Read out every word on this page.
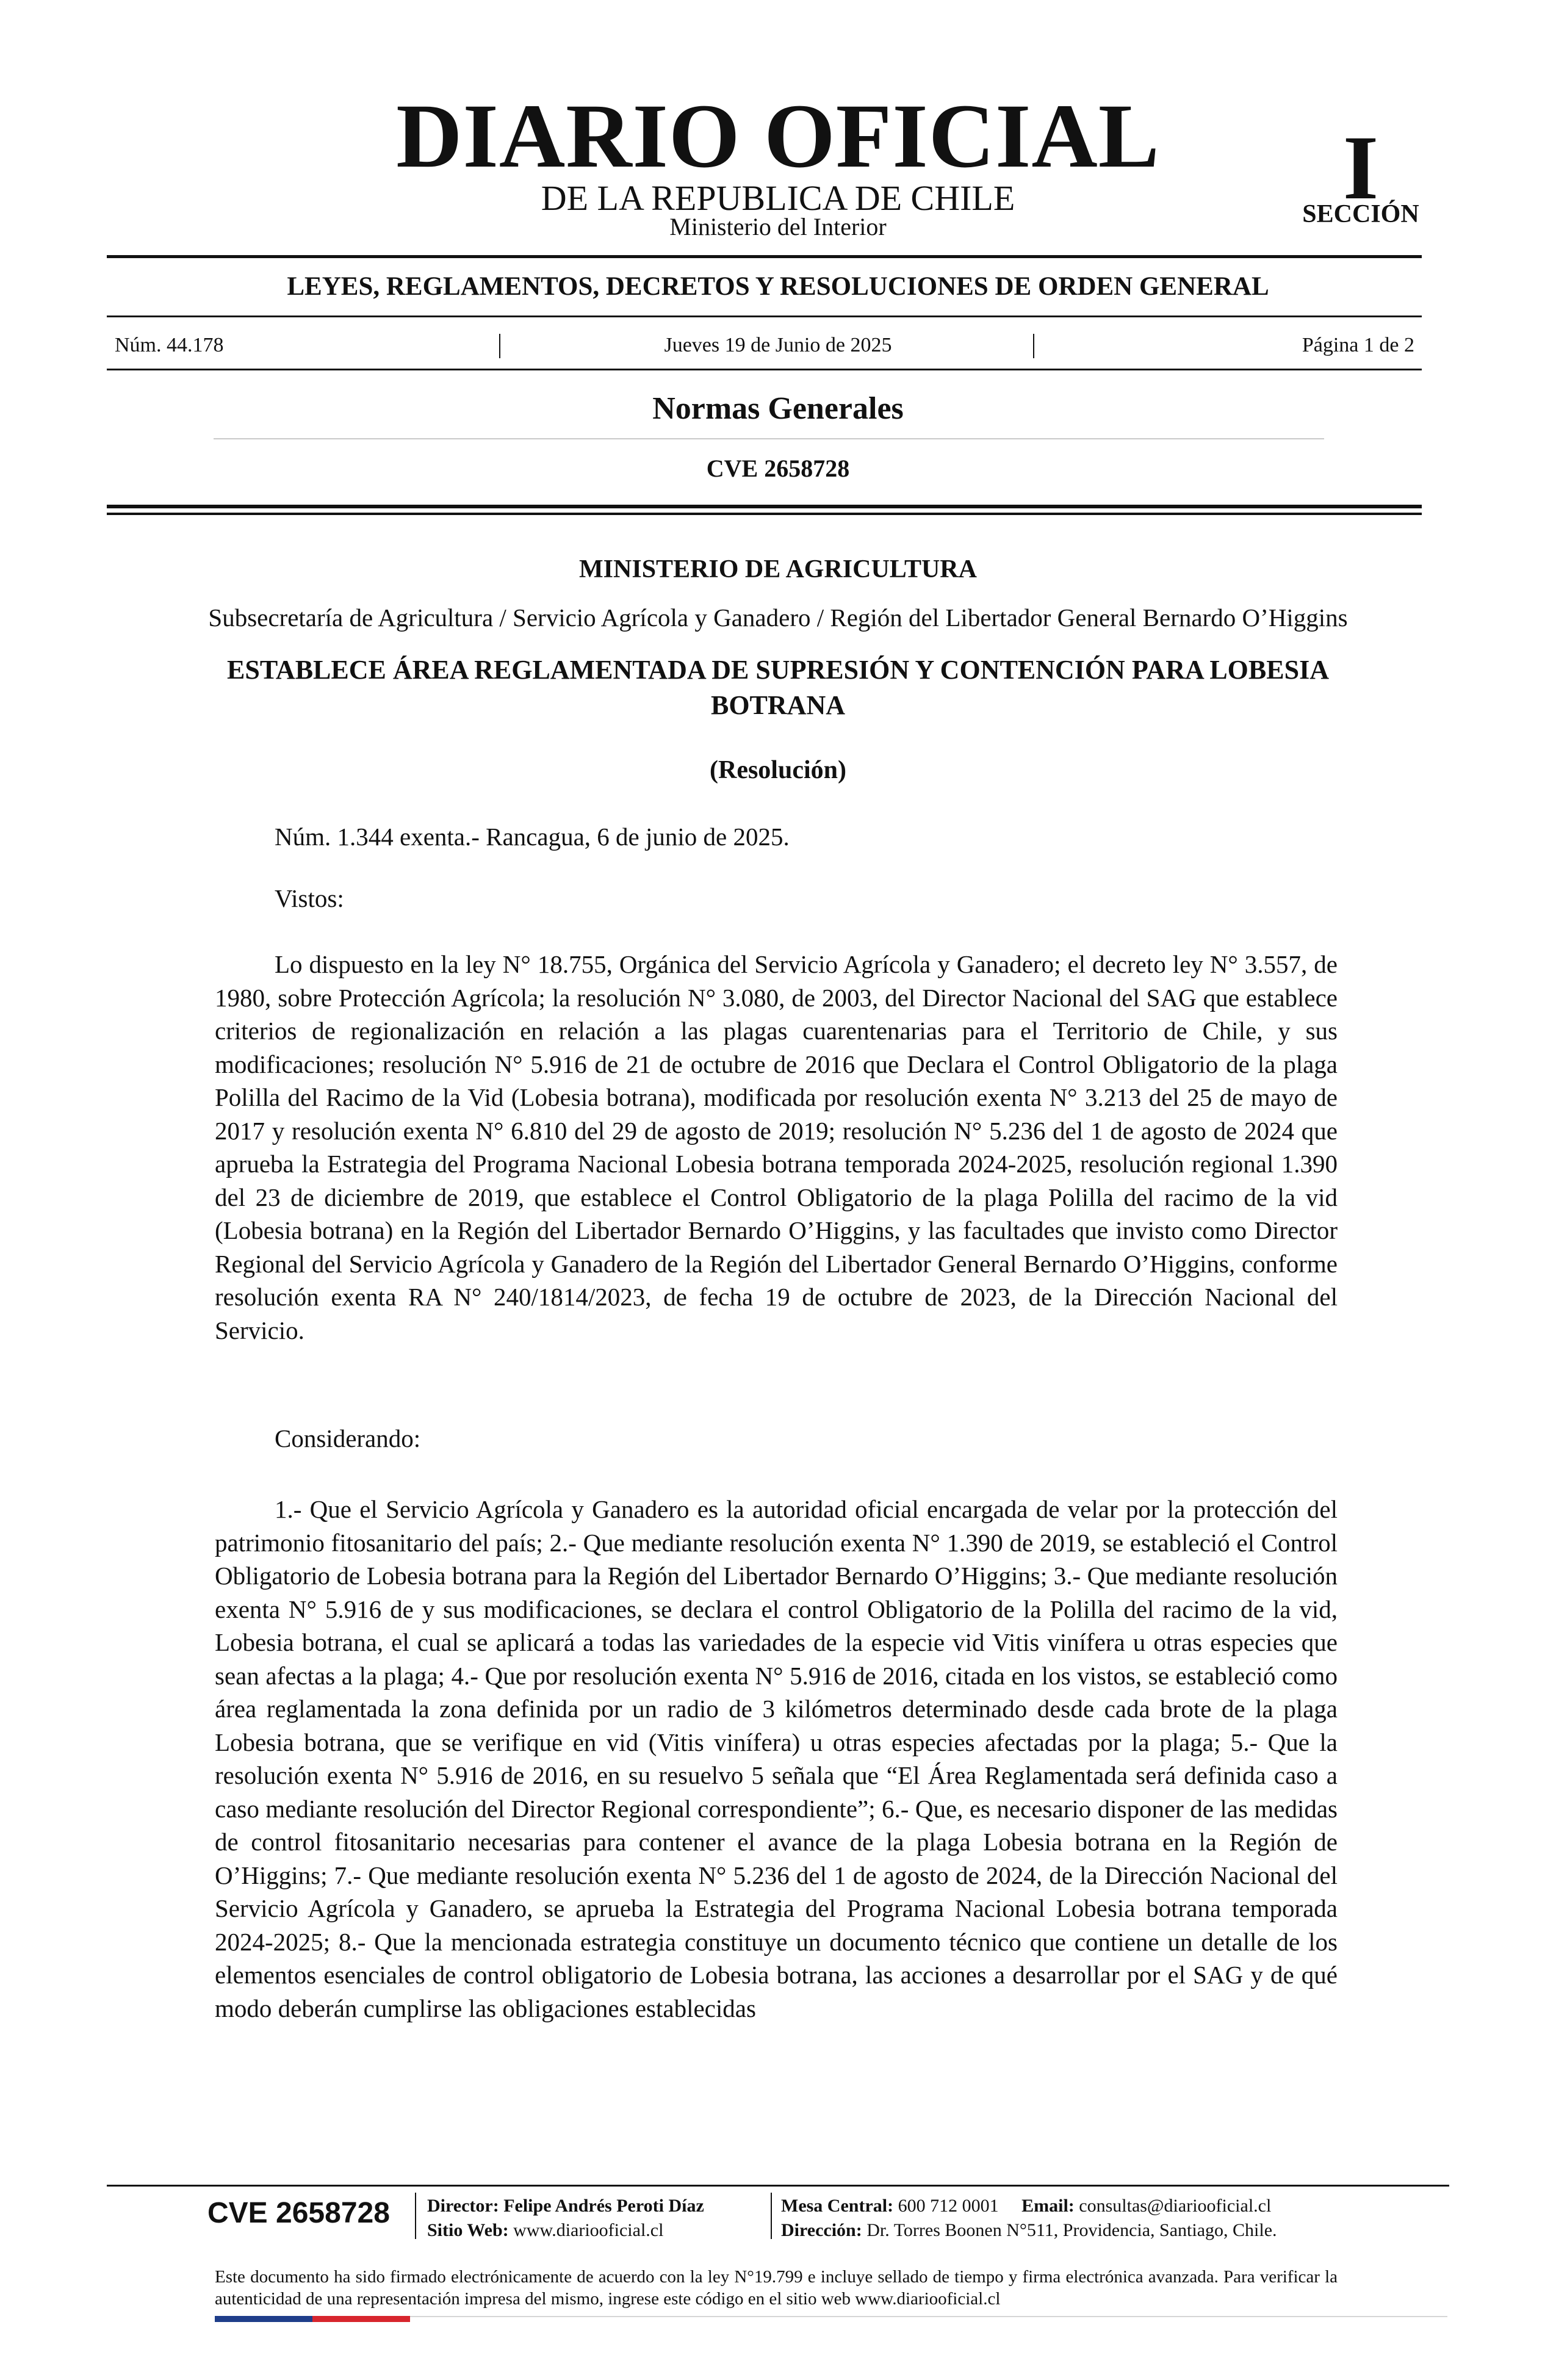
DIARIO OFICIAL
DE LA REPUBLICA DE CHILE
Ministerio del Interior
I
SECCIÓN
LEYES, REGLAMENTOS, DECRETOS Y RESOLUCIONES DE ORDEN GENERAL
Núm. 44.178	Jueves 19 de Junio de 2025	Página 1 de 2
Normas Generales
CVE 2658728
MINISTERIO DE AGRICULTURA
Subsecretaría de Agricultura / Servicio Agrícola y Ganadero / Región del Libertador General Bernardo O’Higgins
ESTABLECE ÁREA REGLAMENTADA DE SUPRESIÓN Y CONTENCIÓN PARA LOBESIA BOTRANA
(Resolución)
Núm. 1.344 exenta.- Rancagua, 6 de junio de 2025.
Vistos:
Lo dispuesto en la ley N° 18.755, Orgánica del Servicio Agrícola y Ganadero; el decreto ley N° 3.557, de 1980, sobre Protección Agrícola; la resolución N° 3.080, de 2003, del Director Nacional del SAG que establece criterios de regionalización en relación a las plagas cuarentenarias para el Territorio de Chile, y sus modificaciones; resolución N° 5.916 de 21 de octubre de 2016 que Declara el Control Obligatorio de la plaga Polilla del Racimo de la Vid (Lobesia botrana), modificada por resolución exenta N° 3.213 del 25 de mayo de 2017 y resolución exenta N° 6.810 del 29 de agosto de 2019; resolución N° 5.236 del 1 de agosto de 2024 que aprueba la Estrategia del Programa Nacional Lobesia botrana temporada 2024-2025, resolución regional 1.390 del 23 de diciembre de 2019, que establece el Control Obligatorio de la plaga Polilla del racimo de la vid (Lobesia botrana) en la Región del Libertador Bernardo O’Higgins, y las facultades que invisto como Director Regional del Servicio Agrícola y Ganadero de la Región del Libertador General Bernardo O’Higgins, conforme resolución exenta RA N° 240/1814/2023, de fecha 19 de octubre de 2023, de la Dirección Nacional del Servicio.
Considerando:
1.- Que el Servicio Agrícola y Ganadero es la autoridad oficial encargada de velar por la protección del patrimonio fitosanitario del país; 2.- Que mediante resolución exenta N° 1.390 de 2019, se estableció el Control Obligatorio de Lobesia botrana para la Región del Libertador Bernardo O’Higgins; 3.- Que mediante resolución exenta N° 5.916 de y sus modificaciones, se declara el control Obligatorio de la Polilla del racimo de la vid, Lobesia botrana, el cual se aplicará a todas las variedades de la especie vid Vitis vinífera u otras especies que sean afectas a la plaga; 4.- Que por resolución exenta N° 5.916 de 2016, citada en los vistos, se estableció como área reglamentada la zona definida por un radio de 3 kilómetros determinado desde cada brote de la plaga Lobesia botrana, que se verifique en vid (Vitis vinífera) u otras especies afectadas por la plaga; 5.- Que la resolución exenta N° 5.916 de 2016, en su resuelvo 5 señala que “El Área Reglamentada será definida caso a caso mediante resolución del Director Regional correspondiente”; 6.- Que, es necesario disponer de las medidas de control fitosanitario necesarias para contener el avance de la plaga Lobesia botrana en la Región de O’Higgins; 7.- Que mediante resolución exenta N° 5.236 del 1 de agosto de 2024, de la Dirección Nacional del Servicio Agrícola y Ganadero, se aprueba la Estrategia del Programa Nacional Lobesia botrana temporada 2024-2025; 8.- Que la mencionada estrategia constituye un documento técnico que contiene un detalle de los elementos esenciales de control obligatorio de Lobesia botrana, las acciones a desarrollar por el SAG y de qué modo deberán cumplirse las obligaciones establecidas
CVE 2658728 Director: Felipe Andrés Peroti Díaz
Sitio Web: www.diariooficial.cl
Mesa Central: 600 712 0001 Email: consultas@diariooficial.cl
Dirección: Dr. Torres Boonen N°511, Providencia, Santiago, Chile.
Este documento ha sido firmado electrónicamente de acuerdo con la ley N°19.799 e incluye sellado de tiempo y firma electrónica avanzada. Para verificar la autenticidad de una representación impresa del mismo, ingrese este código en el sitio web www.diariooficial.cl
